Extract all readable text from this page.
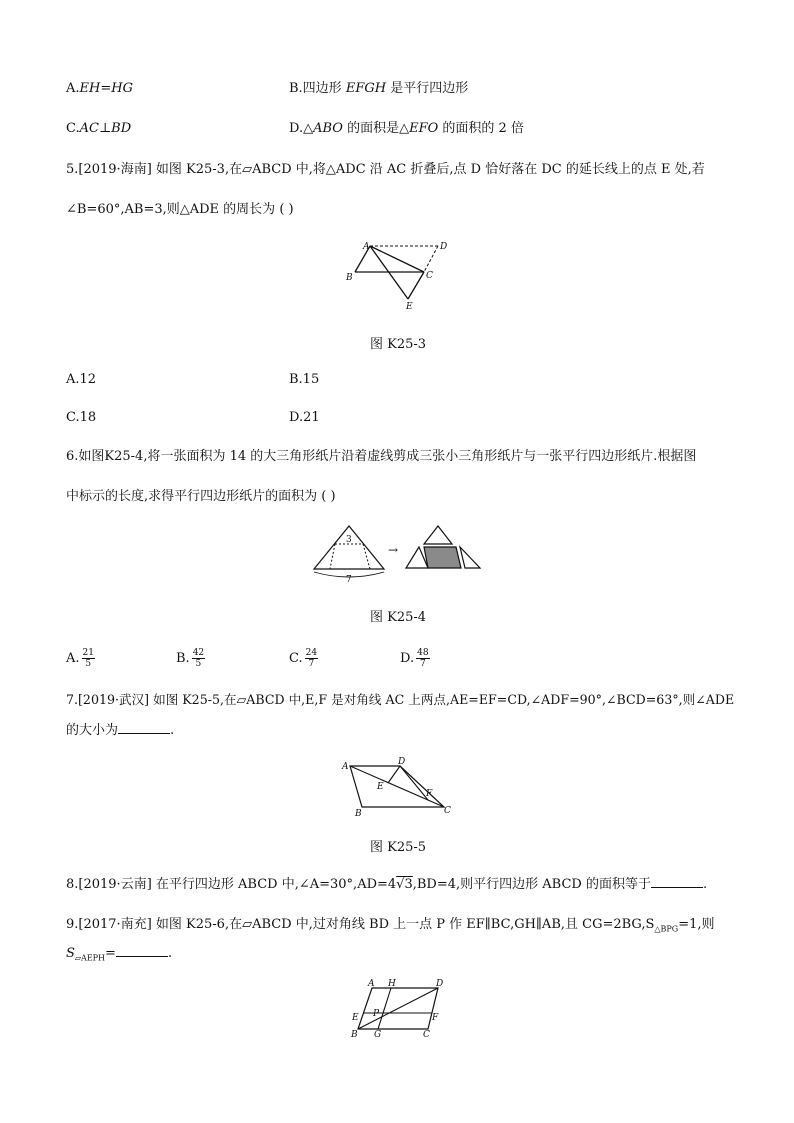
A.EH=HG	B.四边形 EFGH 是平行四边形
C.AC⊥BD	D.△ABO 的面积是△EFO 的面积的 2 倍
5.[2019·海南] 如图 K25-3,在▱ABCD 中,将△ADC 沿 AC 折叠后,点 D 恰好落在 DC 的延长线上的点 E 处,若
∠B=60°,AB=3,则△ADE 的周长为 ( )
A	D
B	C
E
图 K25-3
A.12	B.15
C.18	D.21
6.如图K25-4,将一张面积为 14 的大三角形纸片沿着虚线剪成三张小三角形纸片与一张平行四边形纸片.根据图
中标示的长度,求得平行四边形纸片的面积为 ( )
3
7
→
图 K25-4
A. $\frac{21}{5}$	B. $\frac{42}{5}$	C. $\frac{24}{7}$	D. $\frac{48}{7}$
7.[2019·武汉] 如图 K25-5,在▱ABCD 中,E,F 是对角线 AC 上两点,AE=EF=CD,∠ADF=90°,∠BCD=63°,则∠ADE
的大小为	.
A	D
E
F
B	C
图 K25-5
8.[2019·云南] 在平行四边形 ABCD 中,∠A=30°,AD=4√3,BD=4,则平行四边形 ABCD 的面积等于	.
9.[2017·南充] 如图 K25-6,在▱ABCD 中,过对角线 BD 上一点 P 作 EF∥BC,GH∥AB,且 $CG=2BG,S_{\triangle BPG}=1$,则
$S_{▱AEPH}=$	.
A H	D
E P	F
B G	C
